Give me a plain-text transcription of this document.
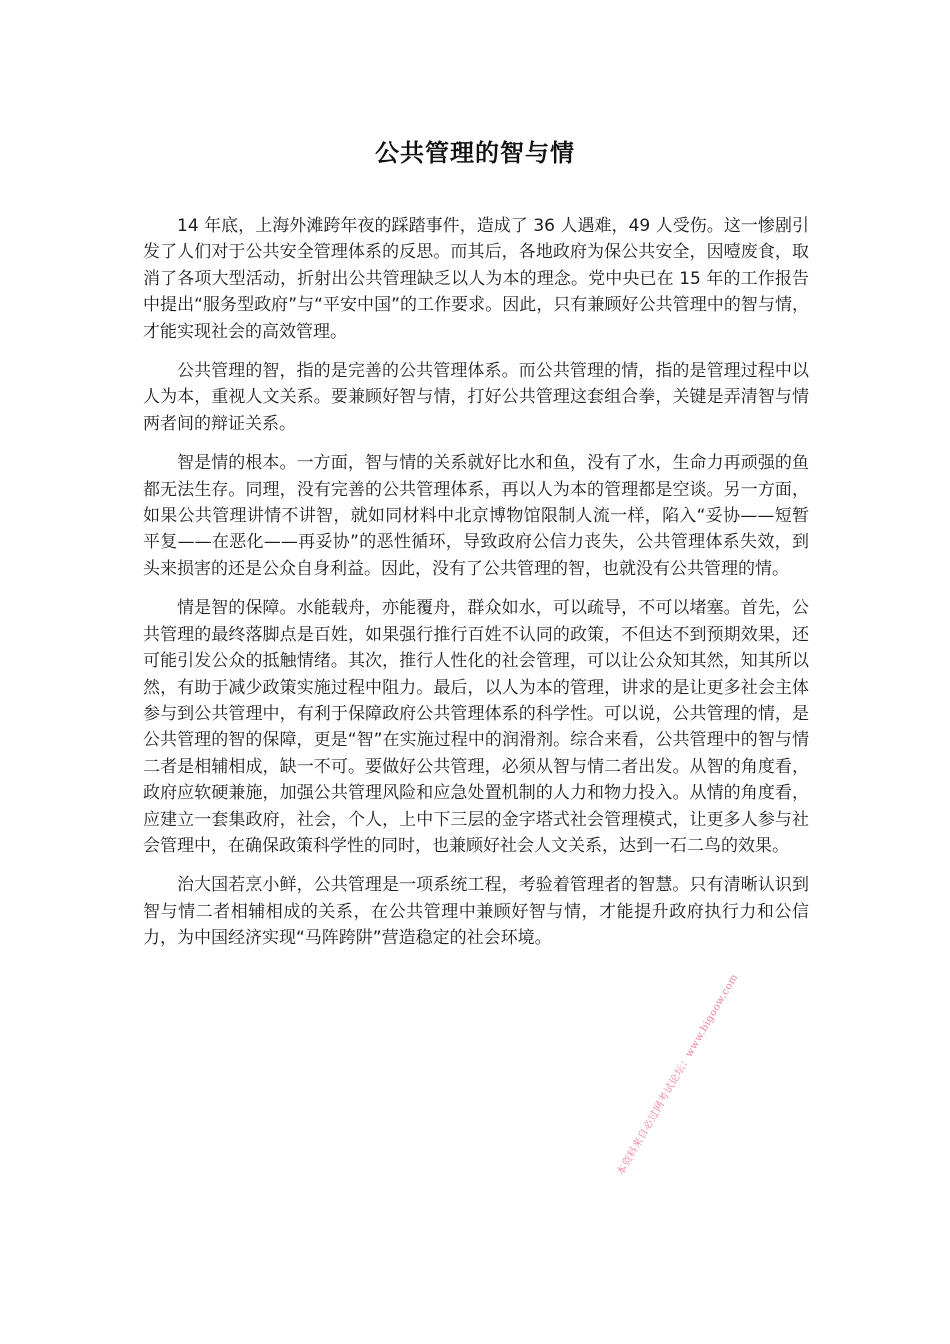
公共管理的智与情

14 年底，上海外滩跨年夜的踩踏事件，造成了 36 人遇难，49 人受伤。这一惨剧引发了人们对于公共安全管理体系的反思。而其后，各地政府为保公共安全，因噎废食，取消了各项大型活动，折射出公共管理缺乏以人为本的理念。党中央已在 15 年的工作报告中提出“服务型政府”与“平安中国”的工作要求。因此，只有兼顾好公共管理中的智与情，才能实现社会的高效管理。

公共管理的智，指的是完善的公共管理体系。而公共管理的情，指的是管理过程中以人为本，重视人文关系。要兼顾好智与情，打好公共管理这套组合拳，关键是弄清智与情两者间的辩证关系。

智是情的根本。一方面，智与情的关系就好比水和鱼，没有了水，生命力再顽强的鱼都无法生存。同理，没有完善的公共管理体系，再以人为本的管理都是空谈。另一方面，如果公共管理讲情不讲智，就如同材料中北京博物馆限制人流一样，陷入“妥协——短暂平复——在恶化——再妥协”的恶性循环，导致政府公信力丧失，公共管理体系失效，到头来损害的还是公众自身利益。因此，没有了公共管理的智，也就没有公共管理的情。

情是智的保障。水能载舟，亦能覆舟，群众如水，可以疏导，不可以堵塞。首先，公共管理的最终落脚点是百姓，如果强行推行百姓不认同的政策，不但达不到预期效果，还可能引发公众的抵触情绪。其次，推行人性化的社会管理，可以让公众知其然，知其所以然，有助于减少政策实施过程中阻力。最后，以人为本的管理，讲求的是让更多社会主体参与到公共管理中，有利于保障政府公共管理体系的科学性。可以说，公共管理的情，是公共管理的智的保障，更是“智”在实施过程中的润滑剂。综合来看，公共管理中的智与情二者是相辅相成，缺一不可。要做好公共管理，必须从智与情二者出发。从智的角度看，政府应软硬兼施，加强公共管理风险和应急处置机制的人力和物力投入。从情的角度看，应建立一套集政府，社会，个人，上中下三层的金字塔式社会管理模式，让更多人参与社会管理中，在确保政策科学性的同时，也兼顾好社会人文关系，达到一石二鸟的效果。

治大国若烹小鲜，公共管理是一项系统工程，考验着管理者的智慧。只有清晰认识到智与情二者相辅相成的关系，在公共管理中兼顾好智与情，才能提升政府执行力和公信力，为中国经济实现“马阵跨阱”营造稳定的社会环境。

本资料来自必过网考试论坛：www.bigoow.com
